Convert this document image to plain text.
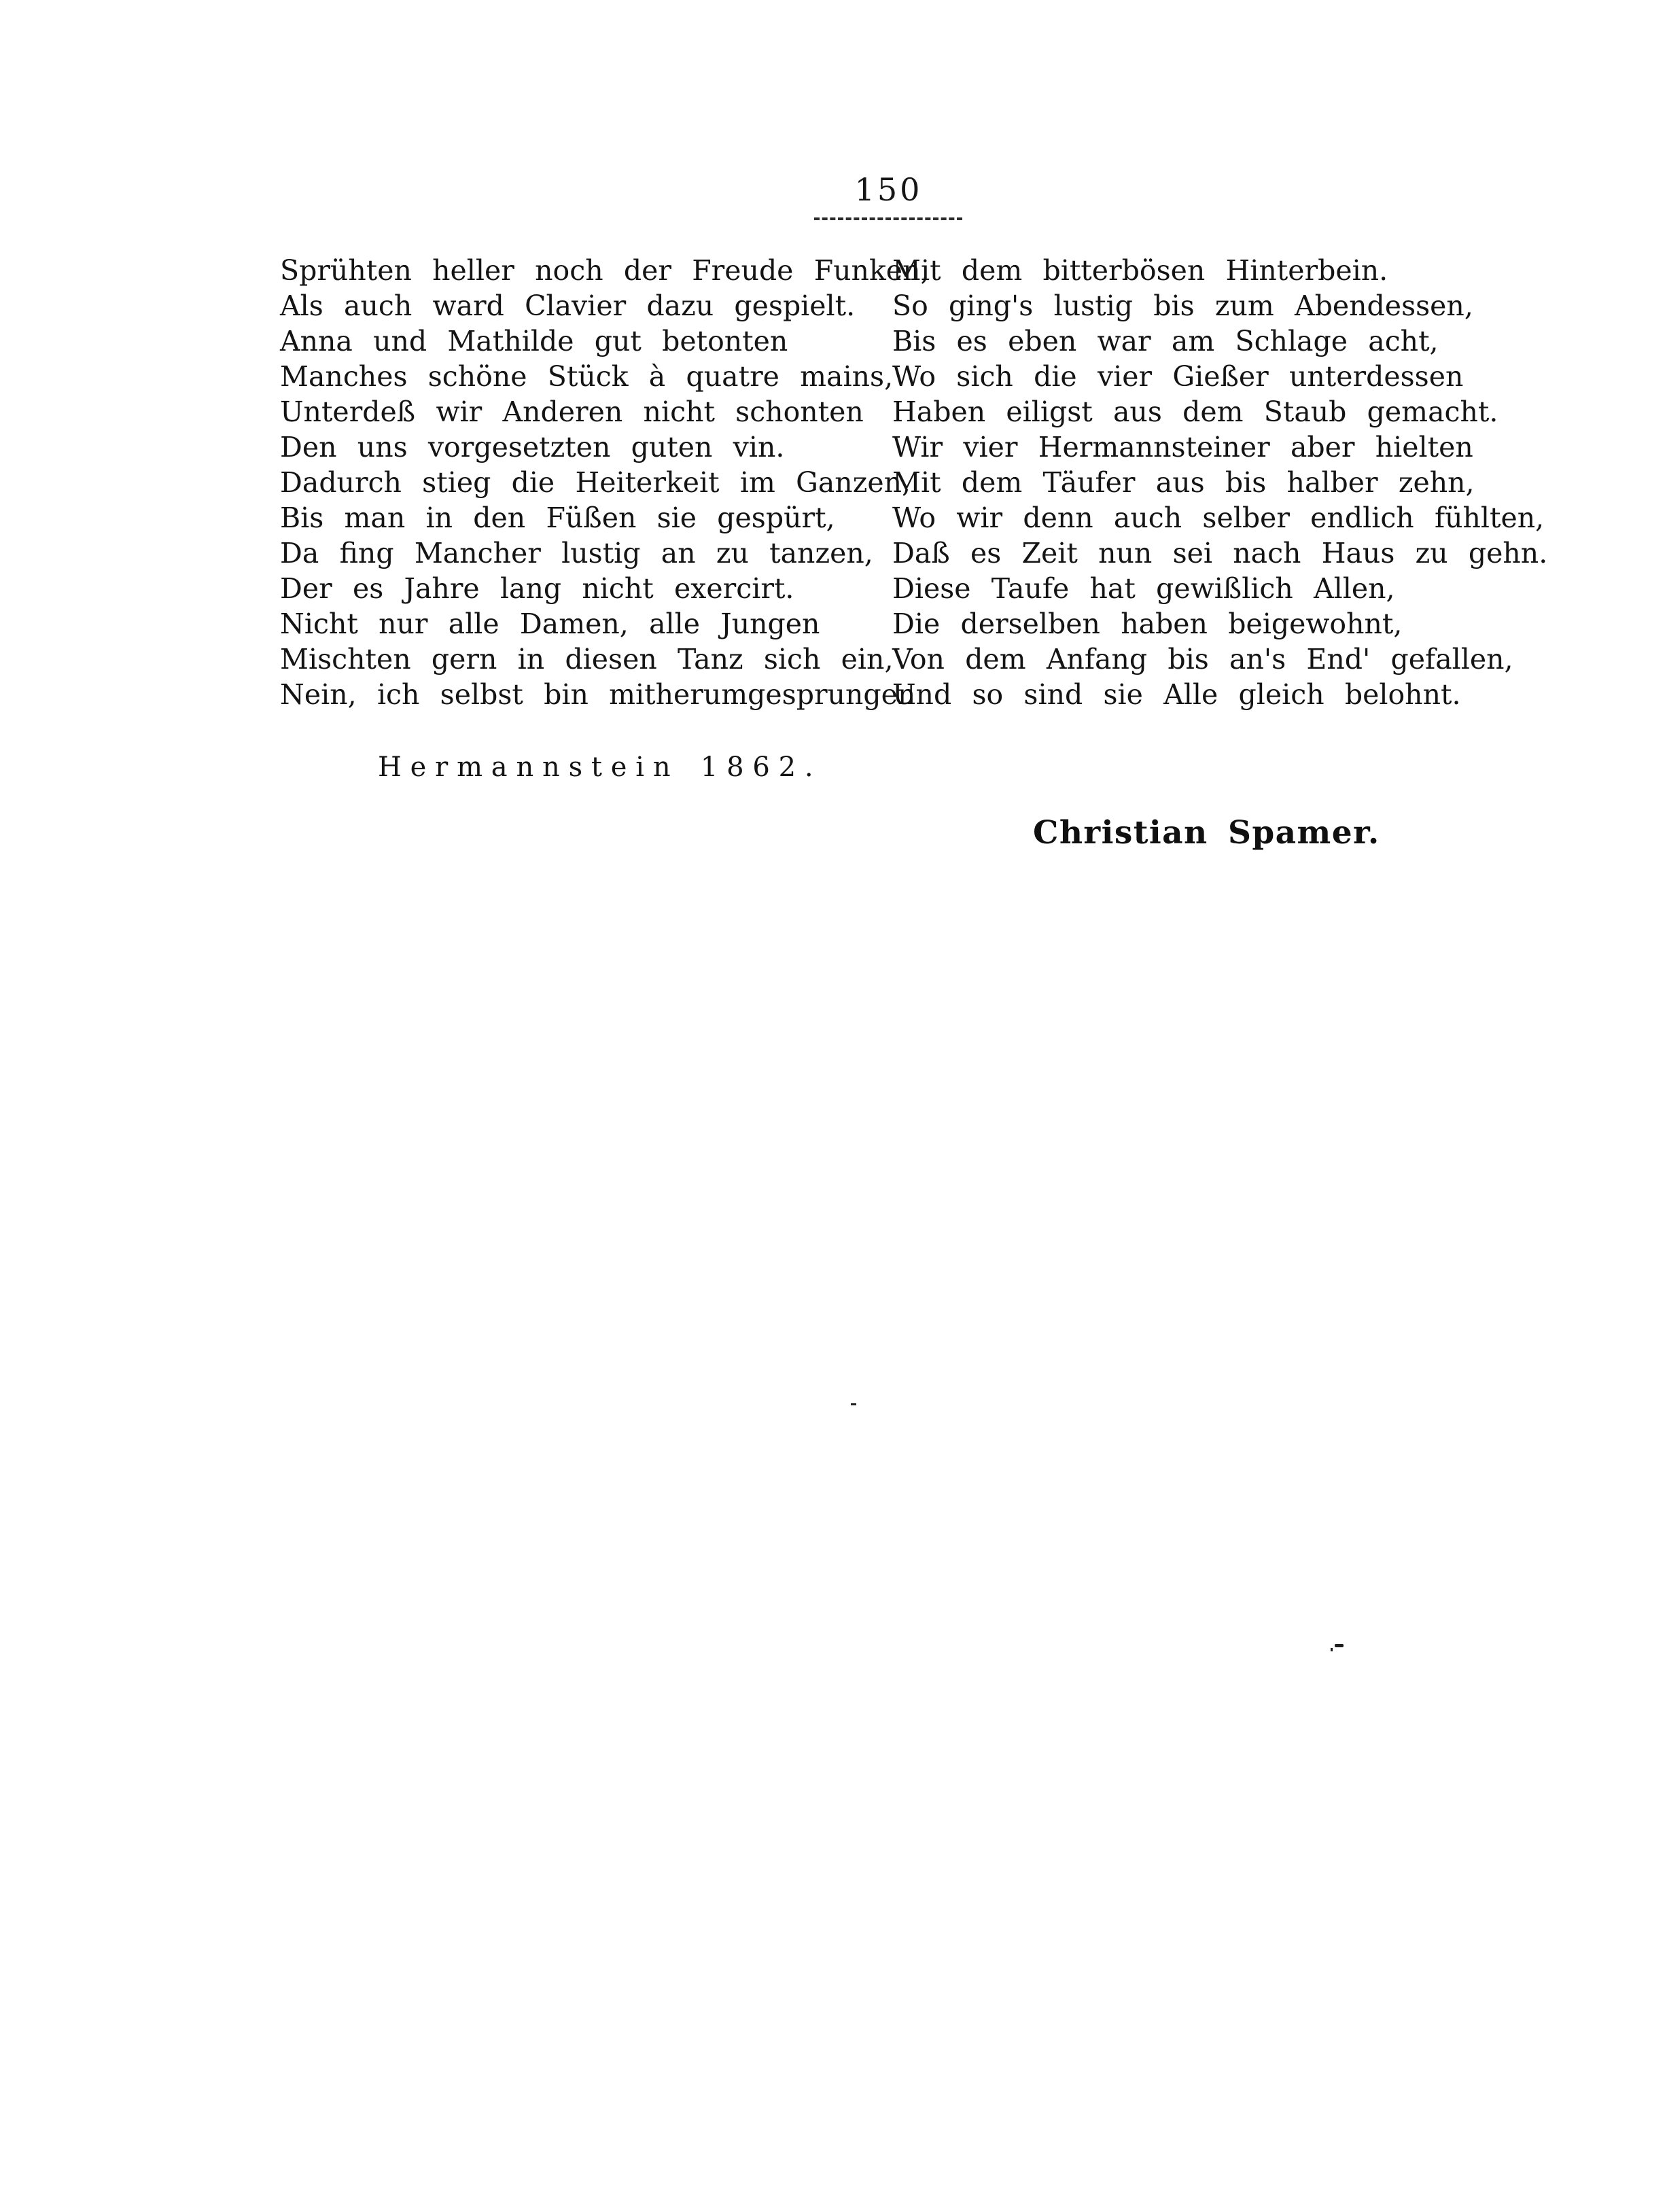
150
Sprühten heller noch der Freude Funken,
Als auch ward Clavier dazu gespielt.
Anna und Mathilde gut betonten
Manches schöne Stück à quatre mains,
Unterdeß wir Anderen nicht schonten
Den uns vorgesetzten guten vin.
Dadurch stieg die Heiterkeit im Ganzen,
Bis man in den Füßen sie gespürt,
Da fing Mancher lustig an zu tanzen,
Der es Jahre lang nicht exercirt.
Nicht nur alle Damen, alle Jungen
Mischten gern in diesen Tanz sich ein,
Nein, ich selbst bin mitherumgesprungen
Mit dem bitterbösen Hinterbein.
So ging's lustig bis zum Abendessen,
Bis es eben war am Schlage acht,
Wo sich die vier Gießer unterdessen
Haben eiligst aus dem Staub gemacht.
Wir vier Hermannsteiner aber hielten
Mit dem Täufer aus bis halber zehn,
Wo wir denn auch selber endlich fühlten,
Daß es Zeit nun sei nach Haus zu gehn.
Diese Taufe hat gewißlich Allen,
Die derselben haben beigewohnt,
Von dem Anfang bis an's End' gefallen,
Und so sind sie Alle gleich belohnt.
Hermannstein 1862.
Christian Spamer.
